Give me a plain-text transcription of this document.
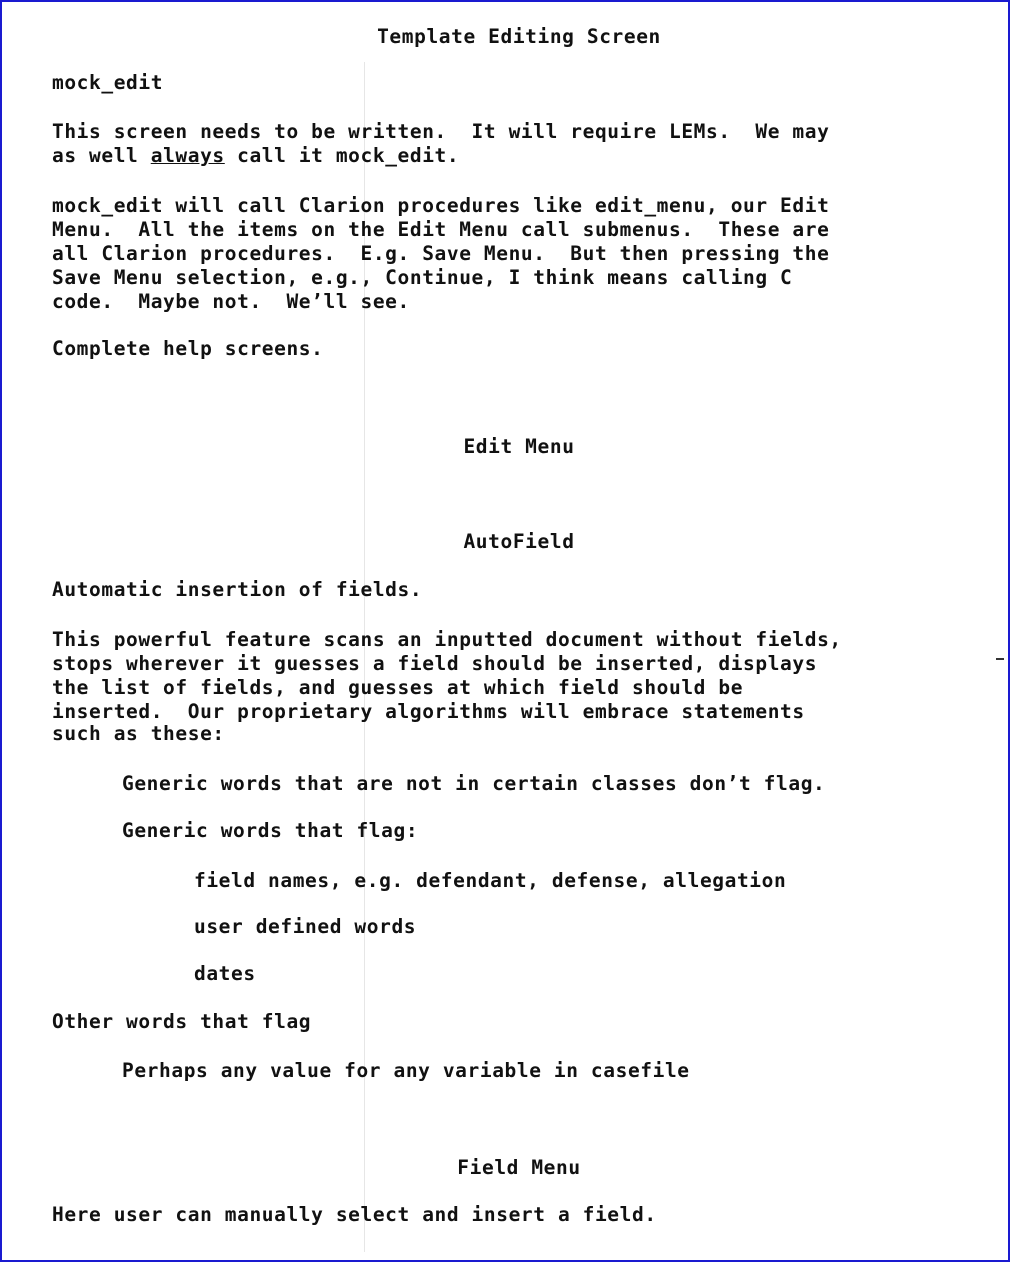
Template Editing Screen
mock_edit
This screen needs to be written.  It will require LEMs.  We may
as well always call it mock_edit.
mock_edit will call Clarion procedures like edit_menu, our Edit
Menu.  All the items on the Edit Menu call submenus.  These are
all Clarion procedures.  E.g. Save Menu.  But then pressing the
Save Menu selection, e.g., Continue, I think means calling C
code.  Maybe not.  We’ll see.
Complete help screens.
Edit Menu
AutoField
Automatic insertion of fields.
This powerful feature scans an inputted document without fields,
stops wherever it guesses a field should be inserted, displays
the list of fields, and guesses at which field should be
inserted.  Our proprietary algorithms will embrace statements
such as these:
Generic words that are not in certain classes don’t flag.
Generic words that flag:
field names, e.g. defendant, defense, allegation
user defined words
dates
Other words that flag
Perhaps any value for any variable in casefile
Field Menu
Here user can manually select and insert a field.
